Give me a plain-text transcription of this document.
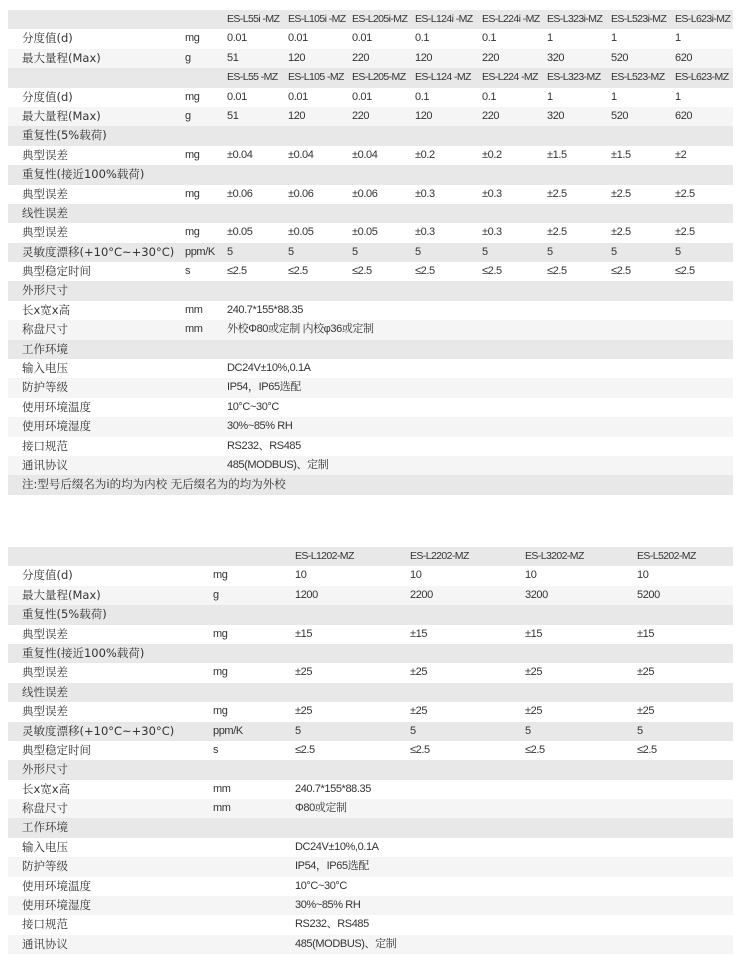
ES-L55i -MZ ES-L105i -MZ ES-L205i-MZ ES-L124i -MZ ES-L224i -MZ ES-L323i-MZ ES-L523i-MZ ES-L623i-MZ
分度值(d)	mg	0.01	0.01	0.01	0.1	0.1	1	1	1
最大量程(Max)	g	51	120	220	120	220	320	520	620
ES-L55 -MZ ES-L105 -MZ ES-L205-MZ ES-L124 -MZ ES-L224 -MZ ES-L323-MZ ES-L523-MZ ES-L623-MZ
分度值(d)	mg	0.01	0.01	0.01	0.1	0.1	1	1	1
最大量程(Max)	g	51	120	220	120	220	320	520	620
重复性(5%载荷)
典型误差	mg	±0.04	±0.04	±0.04	±0.2	±0.2	±1.5	±1.5	±2
重复性(接近100%载荷)
典型误差	mg	±0.06	±0.06	±0.06	±0.3	±0.3	±2.5	±2.5	±2.5
线性误差
典型误差	mg	±0.05	±0.05	±0.05	±0.3	±0.3	±2.5	±2.5	±2.5
灵敏度漂移(+10°C~+30°C) ppm/K 5	5	5	5	5	5	5	5
典型稳定时间	s	≤2.5	≤2.5	≤2.5	≤2.5	≤2.5	≤2.5	≤2.5	≤2.5
外形尺寸
长x宽x高	mm 240.7*155*88.35
称盘尺寸	mm 外校Φ80或定制 内校φ36或定制
工作环境
输入电压	DC24V±10%,0.1A
防护等级	IP54，IP65选配
使用环境温度	10°C~30°C
使用环境湿度	30%~85% RH
接口规范	RS232、RS485
通讯协议	485(MODBUS)、定制
注:型号后缀名为i的均为内校 无后缀名为的均为外校
ES-L1202-MZ	ES-L2202-MZ	ES-L3202-MZ	ES-L5202-MZ
分度值(d)	mg	10	10	10	10
最大量程(Max)	g	1200	2200	3200	5200
重复性(5%载荷)
典型误差	mg	±15	±15	±15	±15
重复性(接近100%载荷)
典型误差	mg	±25	±25	±25	±25
线性误差
典型误差	mg	±25	±25	±25	±25
灵敏度漂移(+10°C~+30°C)	ppm/K	5	5	5	5
典型稳定时间	s	≤2.5	≤2.5	≤2.5	≤2.5
外形尺寸
长x宽x高	mm	240.7*155*88.35
称盘尺寸	mm	Φ80或定制
工作环境
输入电压	DC24V±10%,0.1A
防护等级	IP54，IP65选配
使用环境温度	10°C~30°C
使用环境湿度	30%~85% RH
接口规范	RS232、RS485
通讯协议	485(MODBUS)、定制
